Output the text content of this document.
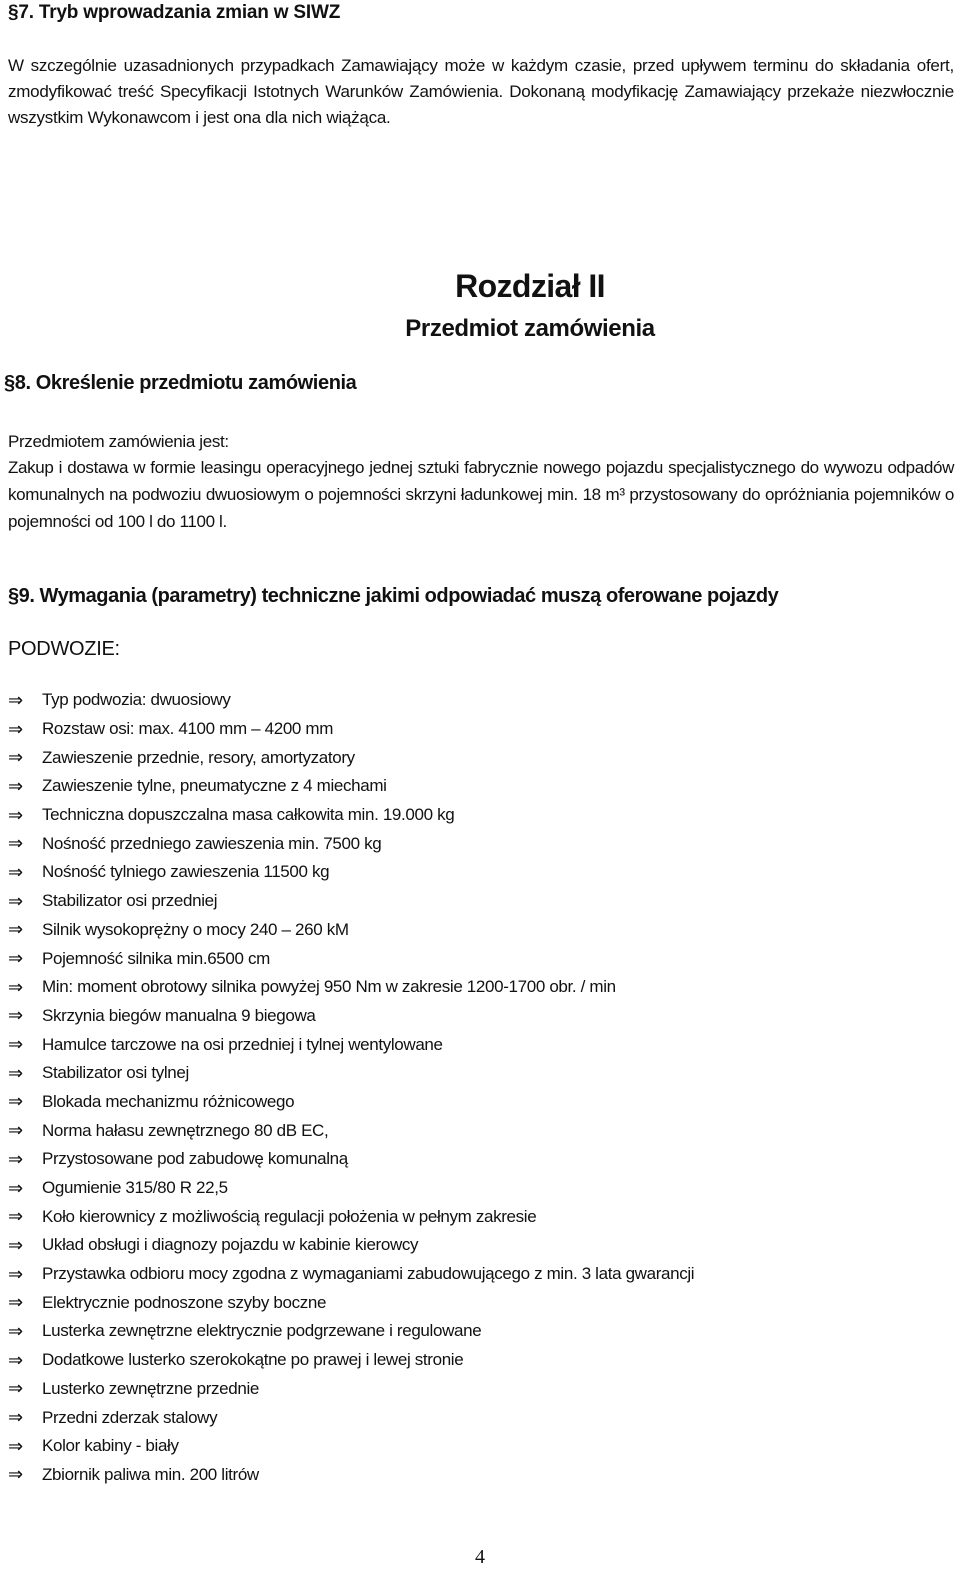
§7. Tryb wprowadzania zmian w SIWZ
W szczególnie uzasadnionych przypadkach Zamawiający może w każdym czasie, przed upływem terminu do składania ofert, zmodyfikować treść Specyfikacji Istotnych Warunków Zamówienia. Dokonaną modyfikację Zamawiający przekaże niezwłocznie wszystkim Wykonawcom i jest ona dla nich wiążąca.
Rozdział II
Przedmiot zamówienia
§8. Określenie przedmiotu zamówienia
Przedmiotem zamówienia jest:
Zakup i dostawa w formie leasingu operacyjnego jednej sztuki fabrycznie nowego pojazdu specjalistycznego do wywozu odpadów komunalnych na podwoziu dwuosiowym o pojemności skrzyni ładunkowej min. 18 m³ przystosowany do opróżniania pojemników o pojemności od 100 l do 1100 l.
§9. Wymagania (parametry) techniczne jakimi odpowiadać muszą oferowane pojazdy
PODWOZIE:
⇒	Typ podwozia: dwuosiowy
⇒	Rozstaw osi: max. 4100 mm – 4200 mm
⇒	Zawieszenie przednie, resory, amortyzatory
⇒	Zawieszenie tylne, pneumatyczne z 4 miechami
⇒	Techniczna dopuszczalna masa całkowita min. 19.000 kg
⇒	Nośność przedniego zawieszenia min. 7500 kg
⇒	Nośność tylniego zawieszenia 11500 kg
⇒	Stabilizator osi przedniej
⇒	Silnik wysokoprężny o mocy 240 – 260 kM
⇒	Pojemność silnika min.6500 cm
⇒	Min: moment obrotowy silnika powyżej 950 Nm w zakresie 1200-1700 obr. / min
⇒	Skrzynia biegów manualna 9 biegowa
⇒	Hamulce tarczowe na osi przedniej i tylnej wentylowane
⇒	Stabilizator osi tylnej
⇒	Blokada mechanizmu różnicowego
⇒	Norma hałasu zewnętrznego 80 dB EC,
⇒	Przystosowane pod zabudowę komunalną
⇒	Ogumienie 315/80 R 22,5
⇒	Koło kierownicy z możliwością regulacji położenia w pełnym zakresie
⇒	Układ obsługi i diagnozy pojazdu w kabinie kierowcy
⇒	Przystawka odbioru mocy zgodna z wymaganiami zabudowującego z min. 3 lata gwarancji
⇒	Elektrycznie podnoszone szyby boczne
⇒	Lusterka zewnętrzne elektrycznie podgrzewane i regulowane
⇒	Dodatkowe lusterko szerokokątne po prawej i lewej stronie
⇒	Lusterko zewnętrzne przednie
⇒	Przedni zderzak stalowy
⇒	Kolor kabiny - biały
⇒	Zbiornik paliwa min. 200 litrów
4
